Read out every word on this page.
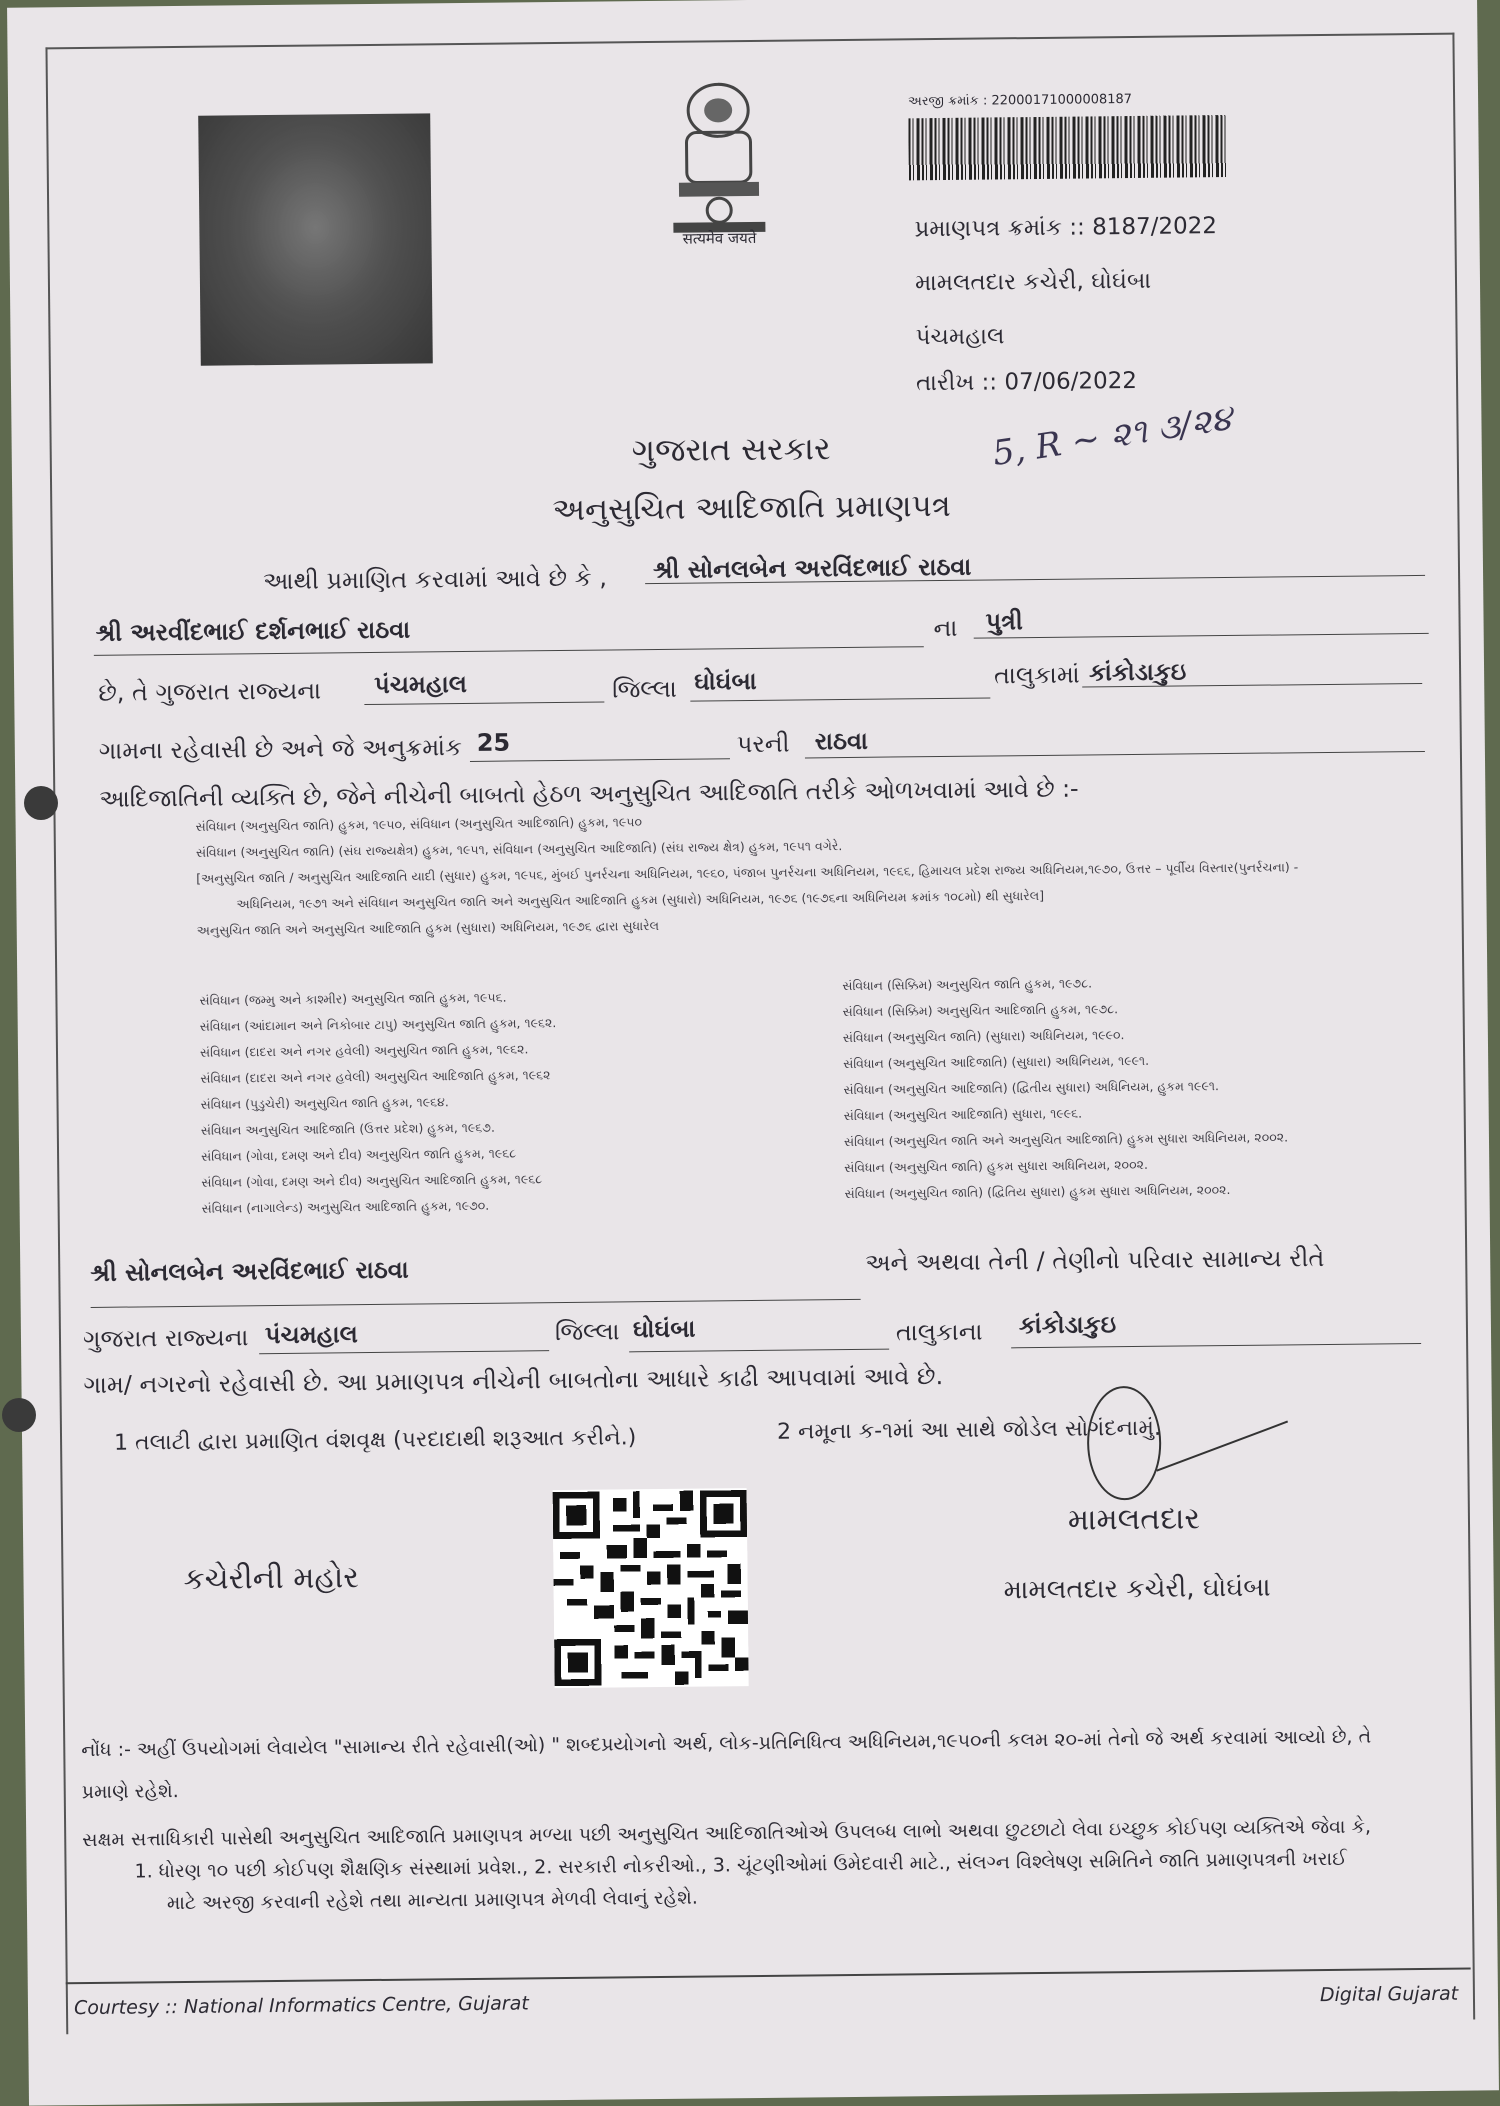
सत्यमेव जयते
અરજી ક્રમાંક : 22000171000008187
પ્રમાણપત્ર ક્રમાંક :: 8187/2022
મામલતદાર કચેરી, ઘોઘંબા
પંચમહાલ
તારીખ :: 07/06/2022
ગુજરાત સરકાર
અનુસુચિત આદિજાતિ પ્રમાણપત્ર
5, R ~ ૨૧ ૩/૨૪
આથી પ્રમાણિત કરવામાં આવે છે કે , શ્રી સોનલબેન અરવિંદભાઈ રાઠવા
શ્રી અરવીંદભાઈ દર્શનભાઈ રાઠવા	ના પુત્રી
છે, તે ગુજરાત રાજ્યના પંચમહાલ	જિલ્લા ઘોઘંબા	તાલુકામાં કાંકોડાકુઇ
ગામના રહેવાસી છે અને જે અનુક્રમાંક 25	પરની રાઠવા
આદિજાતિની વ્યક્તિ છે, જેને નીચેની બાબતો હેઠળ અનુસુચિત આદિજાતિ તરીકે ઓળખવામાં આવે છે :-
સંવિધાન (અનુસુચિત જાતિ) હુકમ, ૧૯૫૦, સંવિધાન (અનુસુચિત આદિજાતિ) હુકમ, ૧૯૫૦
સંવિધાન (અનુસુચિત જાતિ) (સંઘ રાજ્યક્ષેત્ર) હુકમ, ૧૯૫૧, સંવિધાન (અનુસુચિત આદિજાતિ) (સંઘ રાજ્ય ક્ષેત્ર) હુકમ, ૧૯૫૧ વગેરે.
[અનુસુચિત જાતિ / અનુસુચિત આદિજાતિ યાદી (સુધાર) હુકમ, ૧૯૫૬, મુંબઈ પુનર્રચના અધિનિયમ, ૧૯૬૦, પંજાબ પુનર્રચના અધિનિયમ, ૧૯૬૬, હિમાચલ પ્રદેશ રાજ્ય અધિનિયમ,૧૯૭૦, ઉત્તર – પૂર્વીય વિસ્તાર(પુનર્રચના) -
અધિનિયમ, ૧૯૭૧ અને સંવિધાન અનુસુચિત જાતિ અને અનુસુચિત આદિજાતિ હુકમ (સુધારો) અધિનિયમ, ૧૯૭૬ (૧૯૭૬ના અધિનિયમ ક્રમાંક ૧૦૮મો) થી સુધારેલ]
અનુસુચિત જાતિ અને અનુસુચિત આદિજાતિ હુકમ (સુધારા) અધિનિયમ, ૧૯૭૬ દ્વારા સુધારેલ
સંવિધાન (જમ્મુ અને કાશ્મીર) અનુસુચિત જાતિ હુકમ, ૧૯૫૬.
સંવિધાન (આંદામાન અને નિકોબાર ટાપુ) અનુસુચિત જાતિ હુકમ, ૧૯૬૨.
સંવિધાન (દાદરા અને નગર હવેલી) અનુસુચિત જાતિ હુકમ, ૧૯૬૨.
સંવિધાન (દાદરા અને નગર હવેલી) અનુસુચિત આદિજાતિ હુકમ, ૧૯૬૨
સંવિધાન (પુડુચેરી) અનુસુચિત જાતિ હુકમ, ૧૯૬૪.
સંવિધાન અનુસુચિત આદિજાતિ (ઉત્તર પ્રદેશ) હુકમ, ૧૯૬૭.
સંવિધાન (ગોવા, દમણ અને દીવ) અનુસુચિત જાતિ હુકમ, ૧૯૬૮
સંવિધાન (ગોવા, દમણ અને દીવ) અનુસુચિત આદિજાતિ હુકમ, ૧૯૬૮
સંવિધાન (નાગાલેન્ડ) અનુસુચિત આદિજાતિ હુકમ, ૧૯૭૦.
સંવિધાન (સિક્કિમ) અનુસુચિત જાતિ હુકમ, ૧૯૭૮.
સંવિધાન (સિક્કિમ) અનુસુચિત આદિજાતિ હુકમ, ૧૯૭૮.
સંવિધાન (અનુસુચિત જાતિ) (સુધારા) અધિનિયમ, ૧૯૯૦.
સંવિધાન (અનુસુચિત આદિજાતિ) (સુધારા) અધિનિયમ, ૧૯૯૧.
સંવિધાન (અનુસુચિત આદિજાતિ) (દ્વિતીય સુધારા) અધિનિયમ, હુકમ ૧૯૯૧.
સંવિધાન (અનુસુચિત આદિજાતિ) સુધારા, ૧૯૯૬.
સંવિધાન (અનુસુચિત જાતિ અને અનુસુચિત આદિજાતિ) હુકમ સુધારા અધિનિયમ, ૨૦૦૨.
સંવિધાન (અનુસુચિત જાતિ) હુકમ સુધારા અધિનિયમ, ૨૦૦૨.
સંવિધાન (અનુસુચિત જાતિ) (દ્વિતિય સુધારા) હુકમ સુધારા અધિનિયમ, ૨૦૦૨.
શ્રી સોનલબેન અરવિંદભાઈ રાઠવા	અને અથવા તેની / તેણીનો પરિવાર સામાન્ય રીતે
ગુજરાત રાજ્યના પંચમહાલ	જિલ્લા ઘોઘંબા	તાલુકાના કાંકોડાકુઇ
ગામ/ નગરનો રહેવાસી છે. આ પ્રમાણપત્ર નીચેની બાબતોના આધારે કાઢી આપવામાં આવે છે.
1 તલાટી દ્વારા પ્રમાણિત વંશવૃક્ષ (પરદાદાથી શરૂઆત કરીને.)	2 નમૂના ક-૧માં આ સાથે જોડેલ સોગંદનામું.
કચેરીની મહોર
મામલતદાર
મામલતદાર કચેરી, ઘોઘંબા
નોંધ :- અહીં ઉપયોગમાં લેવાયેલ "સામાન્ય રીતે રહેવાસી(ઓ) " શબ્દપ્રયોગનો અર્થ, લોક-પ્રતિનિધિત્વ અધિનિયમ,૧૯૫૦ની કલમ ૨૦-માં તેનો જે અર્થ કરવામાં આવ્યો છે, તે
પ્રમાણે રહેશે.
સક્ષમ સત્તાધિકારી પાસેથી અનુસુચિત આદિજાતિ પ્રમાણપત્ર મળ્યા પછી અનુસુચિત આદિજાતિઓએ ઉપલબ્ધ લાભો અથવા છુટછાટો લેવા ઇચ્છુક કોઈપણ વ્યક્તિએ જેવા કે,
1. ધોરણ ૧૦ પછી કોઈપણ શૈક્ષણિક સંસ્થામાં પ્રવેશ., 2. સરકારી નોકરીઓ., 3. ચૂંટણીઓમાં ઉમેદવારી માટે., સંલગ્ન વિશ્લેષણ સમિતિને જાતિ પ્રમાણપત્રની ખરાઈ
માટે અરજી કરવાની રહેશે તથા માન્યતા પ્રમાણપત્ર મેળવી લેવાનું રહેશે.
Courtesy :: National Informatics Centre, Gujarat	Digital Gujarat
